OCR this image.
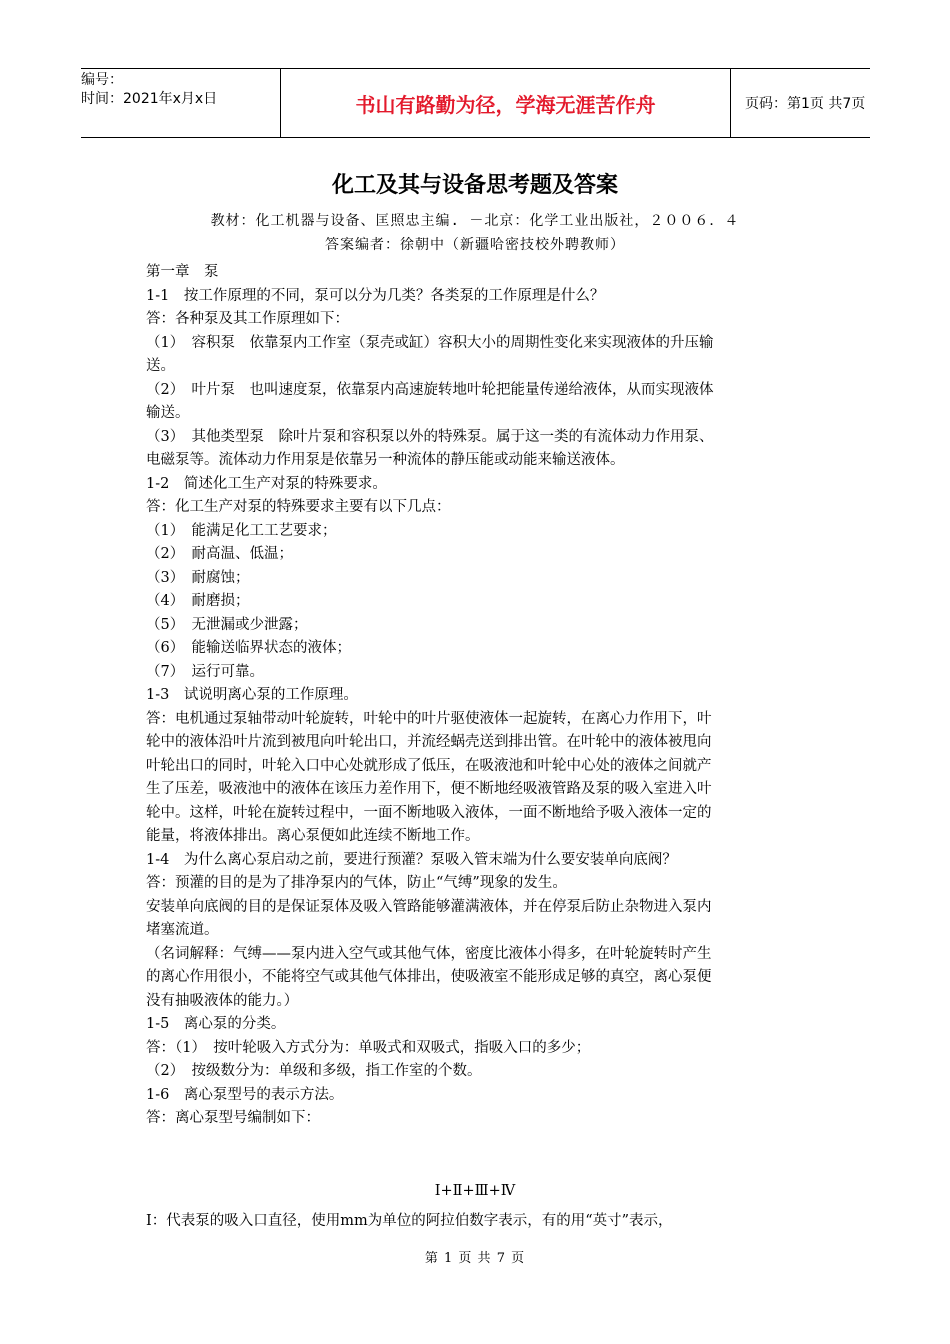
编号：
时间：2021年x月x日	书山有路勤为径，学海无涯苦作舟	页码：第1页 共7页
化工及其与设备思考题及答案
教材：化工机器与设备、匡照忠主编. －北京：化学工业出版社，２００６．４
答案编者：徐朝中（新疆哈密技校外聘教师）

第一章　泵

1-1　按工作原理的不同，泵可以分为几类？各类泵的工作原理是什么？

答：各种泵及其工作原理如下：

（1）　容积泵　依靠泵内工作室（泵壳或缸）容积大小的周期性变化来实现液体的升压输

送。

（2）　叶片泵　也叫速度泵，依靠泵内高速旋转地叶轮把能量传递给液体，从而实现液体

输送。

（3）　其他类型泵　除叶片泵和容积泵以外的特殊泵。属于这一类的有流体动力作用泵、

电磁泵等。流体动力作用泵是依靠另一种流体的静压能或动能来输送液体。

1-2　简述化工生产对泵的特殊要求。

答：化工生产对泵的特殊要求主要有以下几点：

（1）　能满足化工工艺要求；

（2）　耐高温、低温；

（3）　耐腐蚀；

（4）　耐磨损；

（5）　无泄漏或少泄露；

（6）　能输送临界状态的液体；

（7）　运行可靠。

1-3　试说明离心泵的工作原理。

答：电机通过泵轴带动叶轮旋转，叶轮中的叶片驱使液体一起旋转，在离心力作用下，叶

轮中的液体沿叶片流到被甩向叶轮出口，并流经蜗壳送到排出管。在叶轮中的液体被甩向

叶轮出口的同时，叶轮入口中心处就形成了低压，在吸液池和叶轮中心处的液体之间就产

生了压差，吸液池中的液体在该压力差作用下，便不断地经吸液管路及泵的吸入室进入叶

轮中。这样，叶轮在旋转过程中，一面不断地吸入液体，一面不断地给予吸入液体一定的

能量，将液体排出。离心泵便如此连续不断地工作。

1-4　为什么离心泵启动之前，要进行预灌？泵吸入管末端为什么要安装单向底阀？

答：预灌的目的是为了排净泵内的气体，防止“气缚”现象的发生。

安装单向底阀的目的是保证泵体及吸入管路能够灌满液体，并在停泵后防止杂物进入泵内

堵塞流道。

（名词解释：气缚——泵内进入空气或其他气体，密度比液体小得多，在叶轮旋转时产生

的离心作用很小，不能将空气或其他气体排出，使吸液室不能形成足够的真空，离心泵便

没有抽吸液体的能力。）

1-5　离心泵的分类。

答：（1）　按叶轮吸入方式分为：单吸式和双吸式，指吸入口的多少；

（2）　按级数分为：单级和多级，指工作室的个数。

1-6　离心泵型号的表示方法。

答：离心泵型号编制如下：

Ⅰ+Ⅱ+Ⅲ+Ⅳ
Ⅰ：代表泵的吸入口直径，使用mm为单位的阿拉伯数字表示，有的用“英寸”表示，
第 1 页 共 7 页
